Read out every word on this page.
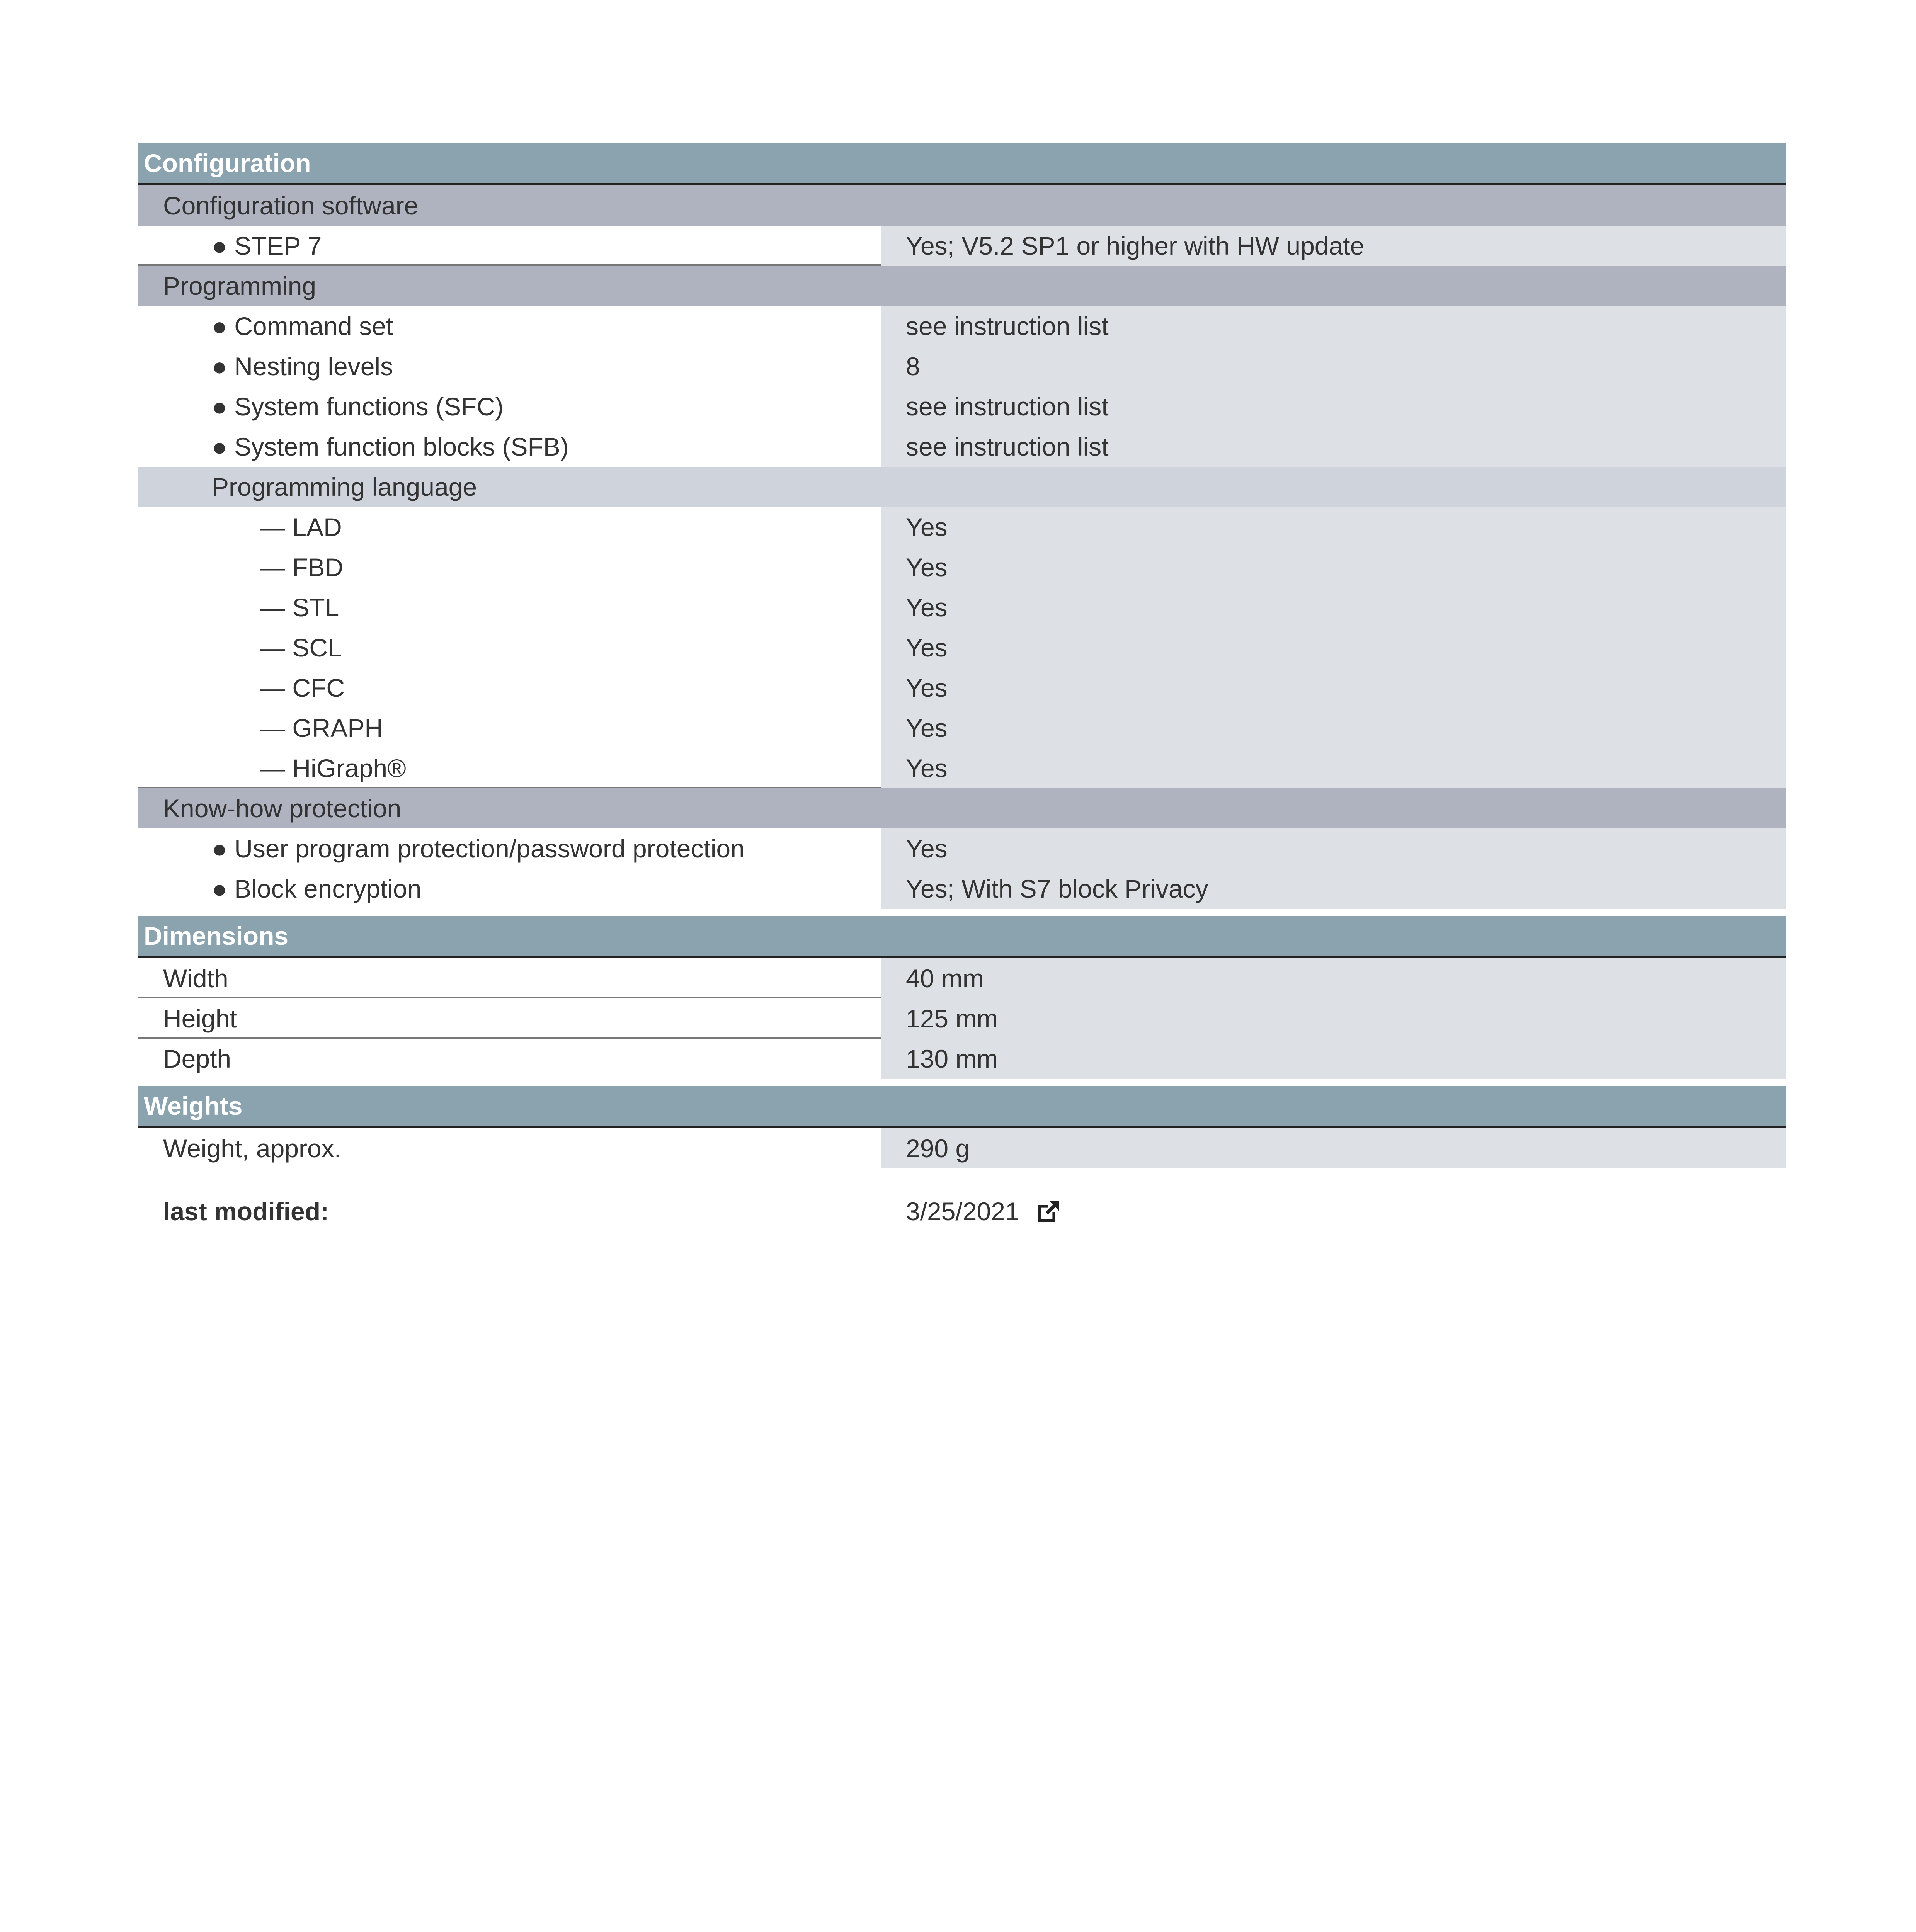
Configuration
Configuration software
● STEP 7	Yes; V5.2 SP1 or higher with HW update
Programming
● Command set	see instruction list
● Nesting levels	8
● System functions (SFC)	see instruction list
● System function blocks (SFB)	see instruction list
Programming language
— LAD	Yes
— FBD	Yes
— STL	Yes
— SCL	Yes
— CFC	Yes
— GRAPH	Yes
— HiGraph®	Yes
Know-how protection
● User program protection/password protection	Yes
● Block encryption	Yes; With S7 block Privacy
Dimensions
Width	40 mm
Height	125 mm
Depth	130 mm
Weights
Weight, approx.	290 g
last modified:	3/25/2021
